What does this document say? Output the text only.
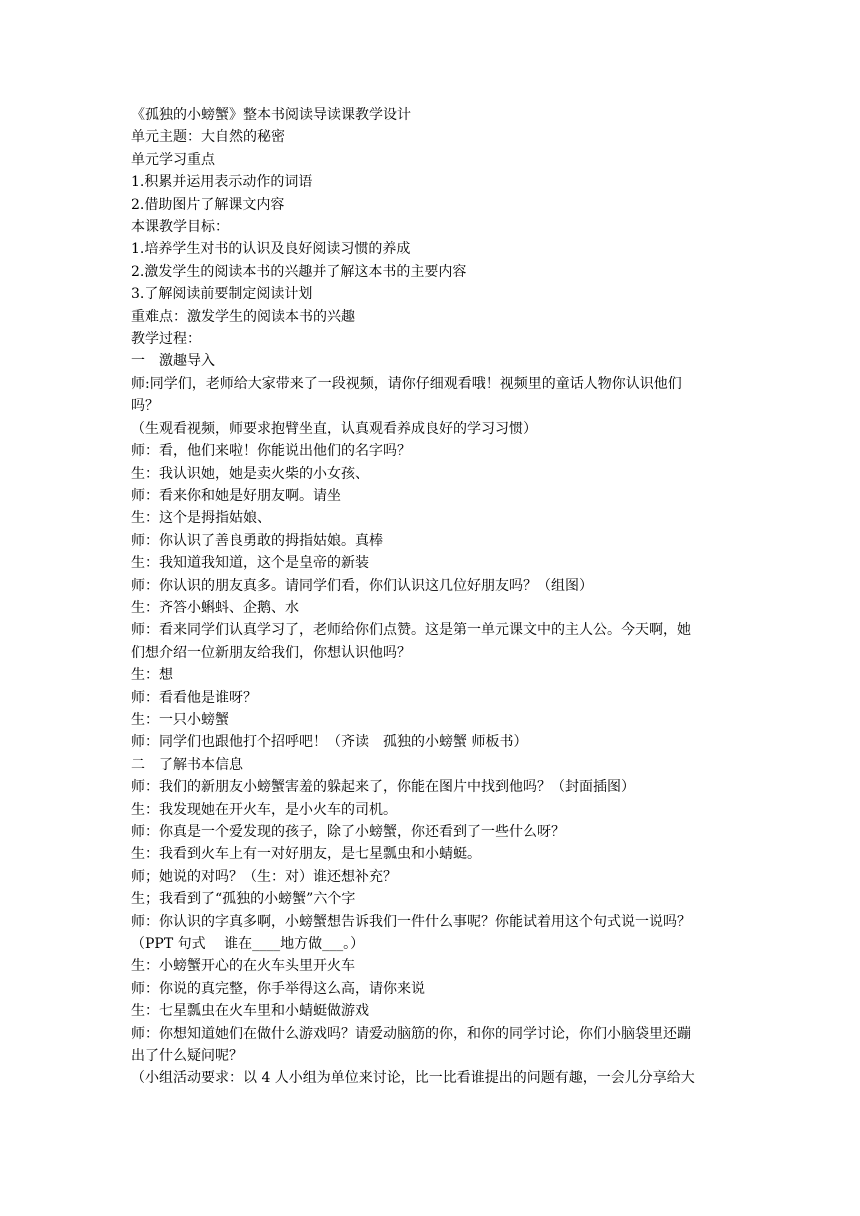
《孤独的小螃蟹》整本书阅读导读课教学设计

单元主题：大自然的秘密

单元学习重点

1.积累并运用表示动作的词语

2.借助图片了解课文内容

本课教学目标：

1.培养学生对书的认识及良好阅读习惯的养成

2.激发学生的阅读本书的兴趣并了解这本书的主要内容

3.了解阅读前要制定阅读计划

重难点：激发学生的阅读本书的兴趣

教学过程：

一　激趣导入

师:同学们，老师给大家带来了一段视频，请你仔细观看哦！视频里的童话人物你认识他们

吗？

（生观看视频，师要求抱臂坐直，认真观看养成良好的学习习惯）

师：看，他们来啦！你能说出他们的名字吗？

生：我认识她，她是卖火柴的小女孩、

师：看来你和她是好朋友啊。请坐

生：这个是拇指姑娘、

师：你认识了善良勇敢的拇指姑娘。真棒

生：我知道我知道，这个是皇帝的新装

师：你认识的朋友真多。请同学们看，你们认识这几位好朋友吗？（组图）

生：齐答小蝌蚪、企鹅、水

师：看来同学们认真学习了，老师给你们点赞。这是第一单元课文中的主人公。今天啊，她

们想介绍一位新朋友给我们，你想认识他吗？

生：想

师：看看他是谁呀？

生：一只小螃蟹

师：同学们也跟他打个招呼吧！（齐读　孤独的小螃蟹 师板书）

二　了解书本信息

师：我们的新朋友小螃蟹害羞的躲起来了，你能在图片中找到他吗？（封面插图）

生：我发现她在开火车，是小火车的司机。

师：你真是一个爱发现的孩子，除了小螃蟹，你还看到了一些什么呀？

生：我看到火车上有一对好朋友，是七星瓢虫和小蜻蜓。

师；她说的对吗？（生：对）谁还想补充？

生；我看到了“孤独的小螃蟹”六个字

师：你认识的字真多啊，小螃蟹想告诉我们一件什么事呢？你能试着用这个句式说一说吗？

（PPT 句式　 谁在____地方做___。）

生：小螃蟹开心的在火车头里开火车

师：你说的真完整，你手举得这么高，请你来说

生：七星瓢虫在火车里和小蜻蜓做游戏

师：你想知道她们在做什么游戏吗？请爱动脑筋的你，和你的同学讨论，你们小脑袋里还蹦

出了什么疑问呢？

（小组活动要求：以 4 人小组为单位来讨论，比一比看谁提出的问题有趣，一会儿分享给大
